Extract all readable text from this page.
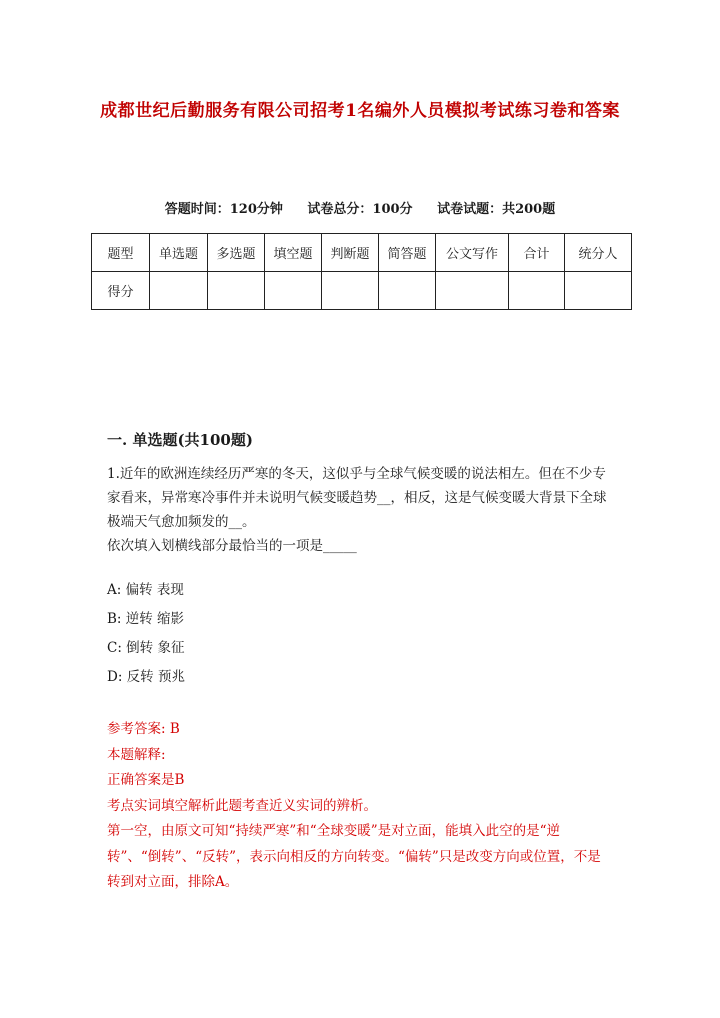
成都世纪后勤服务有限公司招考1名编外人员模拟考试练习卷和答案
答题时间：120分钟 试卷总分：100分 试卷试题：共200题
题型	单选题	多选题	填空题	判断题	简答题	公文写作	合计	统分人
得分								
一. 单选题(共100题)

1.近年的欧洲连续经历严寒的冬天，这似乎与全球气候变暖的说法相左。但在不少专家看来，异常寒冷事件并未说明气候变暖趋势__，相反，这是气候变暖大背景下全球极端天气愈加频发的__。

依次填入划横线部分最恰当的一项是_____

A: 偏转 表现
B: 逆转 缩影
C: 倒转 象征
D: 反转 预兆
参考答案: B
本题解释:
正确答案是B
考点实词填空解析此题考查近义实词的辨析。
第一空，由原文可知“持续严寒”和“全球变暖”是对立面，能填入此空的是“逆转”、“倒转”、“反转”，表示向相反的方向转变。“偏转”只是改变方向或位置，不是转到对立面，排除A。
